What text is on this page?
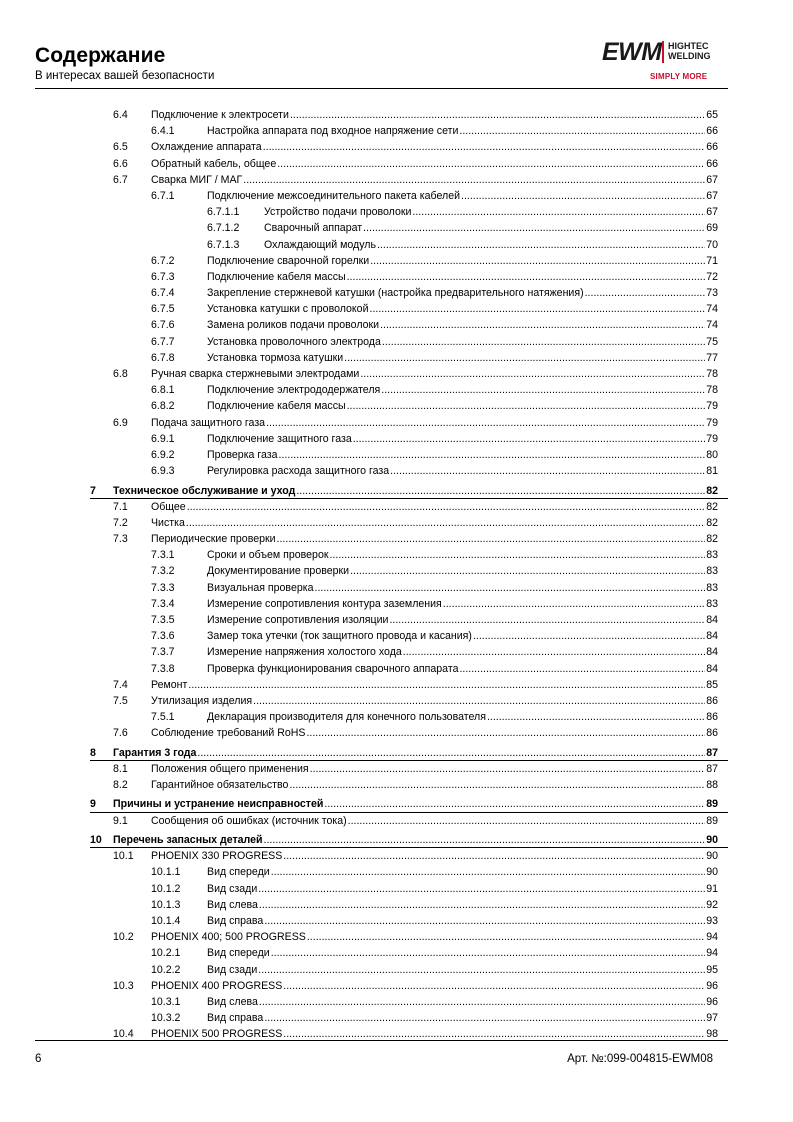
Содержание
В интересах вашей безопасности
EWM HIGHTEC
WELDING
SIMPLY MORE
6.4 Подключение к электросети .....	65
6.4.1	Настройка аппарата под входное напряжение сети .....	66
6.5 Охлаждение аппарата .....	66
6.6 Обратный кабель, общее .....	66
6.7 Сварка МИГ / МАГ .....	67
6.7.1	Подключение межсоединительного пакета кабелей .....	67
6.7.1.1 Устройство подачи проволоки .....	67
6.7.1.2 Сварочный аппарат .....	69
6.7.1.3 Охлаждающий модуль .....	70
6.7.2	Подключение сварочной горелки .....	71
6.7.3	Подключение кабеля массы .....	72
6.7.4	Закрепление стержневой катушки (настройка предварительного натяжения) .....	73
6.7.5	Установка катушки с проволокой .....	74
6.7.6	Замена роликов подачи проволоки .....	74
6.7.7	Установка проволочного электрода .....	75
6.7.8	Установка тормоза катушки .....	77
6.8 Ручная сварка стержневыми электродами .....	78
6.8.1	Подключение электрододержателя .....	78
6.8.2	Подключение кабеля массы .....	79
6.9 Подача защитного газа .....	79
6.9.1	Подключение защитного газа .....	79
6.9.2	Проверка газа .....	80
6.9.3	Регулировка расхода защитного газа .....	81
7 Техническое обслуживание и уход .....	82
7.1 Общее .....	82
7.2 Чистка .....	82
7.3 Периодические проверки .....	82
7.3.1	Сроки и объем проверок .....	83
7.3.2	Документирование проверки .....	83
7.3.3	Визуальная проверка .....	83
7.3.4	Измерение сопротивления контура заземления .....	83
7.3.5	Измерение сопротивления изоляции .....	84
7.3.6	Замер тока утечки (ток защитного провода и касания) .....	84
7.3.7	Измерение напряжения холостого хода .....	84
7.3.8	Проверка функционирования сварочного аппарата .....	84
7.4 Ремонт .....	85
7.5 Утилизация изделия .....	86
7.5.1	Декларация производителя для конечного пользователя .....	86
7.6 Соблюдение требований RoHS .....	86
8 Гарантия 3 года .....	87
8.1 Положения общего применения .....	87
8.2 Гарантийное обязательство .....	88
9 Причины и устранение неисправностей .....	89
9.1 Сообщения об ошибках (источник тока) .....	89
10 Перечень запасных деталей .....	90
10.1 PHOENIX 330 PROGRESS .....	90
10.1.1	Вид спереди .....	90
10.1.2	Вид сзади .....	91
10.1.3	Вид слева .....	92
10.1.4	Вид справа .....	93
10.2 PHOENIX 400; 500 PROGRESS .....	94
10.2.1	Вид спереди .....	94
10.2.2	Вид сзади .....	95
10.3 PHOENIX 400 PROGRESS .....	96
10.3.1	Вид слева .....	96
10.3.2	Вид справа .....	97
10.4 PHOENIX 500 PROGRESS .....	98
6	Арт. №:099-004815-EWM08
